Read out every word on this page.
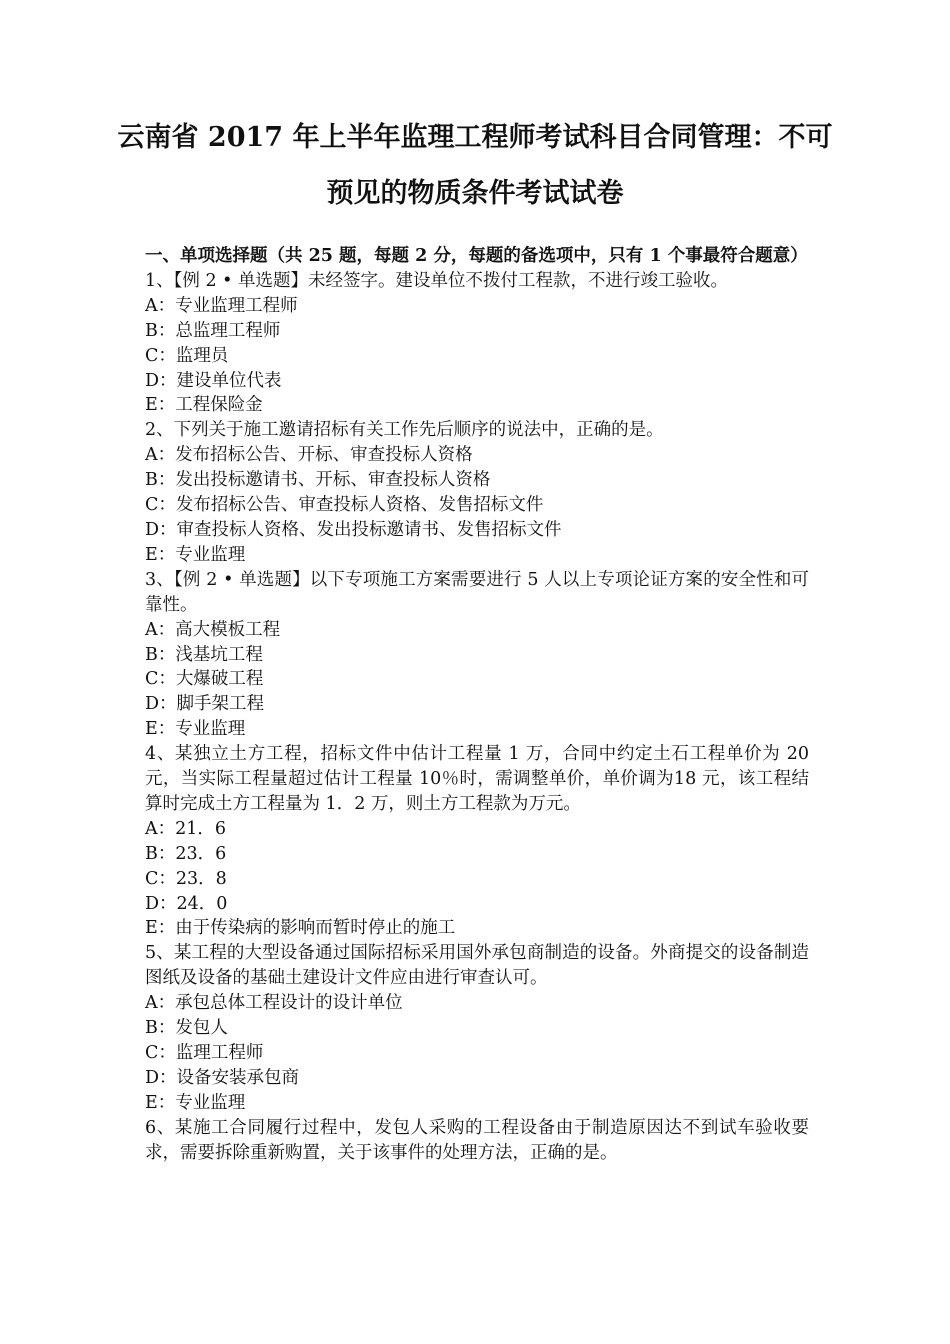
云南省 2017 年上半年监理工程师考试科目合同管理：不可
预见的物质条件考试试卷
一、单项选择题（共 25 题，每题 2 分，每题的备选项中，只有 1 个事最符合题意）
1、【例 2 • 单选题】未经签字。建设单位不拨付工程款，不进行竣工验收。
A：专业监理工程师
B：总监理工程师
C：监理员
D：建设单位代表
E：工程保险金
2、下列关于施工邀请招标有关工作先后顺序的说法中，正确的是。
A：发布招标公告、开标、审查投标人资格
B：发出投标邀请书、开标、审查投标人资格
C：发布招标公告、审查投标人资格、发售招标文件
D：审查投标人资格、发出投标邀请书、发售招标文件
E：专业监理
3、【例 2 • 单选题】以下专项施工方案需要进行 5 人以上专项论证方案的安全性和可靠性。
A：高大模板工程
B：浅基坑工程
C：大爆破工程
D：脚手架工程
E：专业监理
4、某独立土方工程，招标文件中估计工程量 1 万，合同中约定土石工程单价为 20 元，当实际工程量超过估计工程量 10％时，需调整单价，单价调为18 元，该工程结算时完成土方工程量为 1．2 万，则土方工程款为万元。
A：21．6
B：23．6
C：23．8
D：24．0
E：由于传染病的影响而暂时停止的施工
5、某工程的大型设备通过国际招标采用国外承包商制造的设备。外商提交的设备制造图纸及设备的基础土建设计文件应由进行审查认可。
A：承包总体工程设计的设计单位
B：发包人
C：监理工程师
D：设备安装承包商
E：专业监理
6、某施工合同履行过程中，发包人采购的工程设备由于制造原因达不到试车验收要求，需要拆除重新购置，关于该事件的处理方法，正确的是。
